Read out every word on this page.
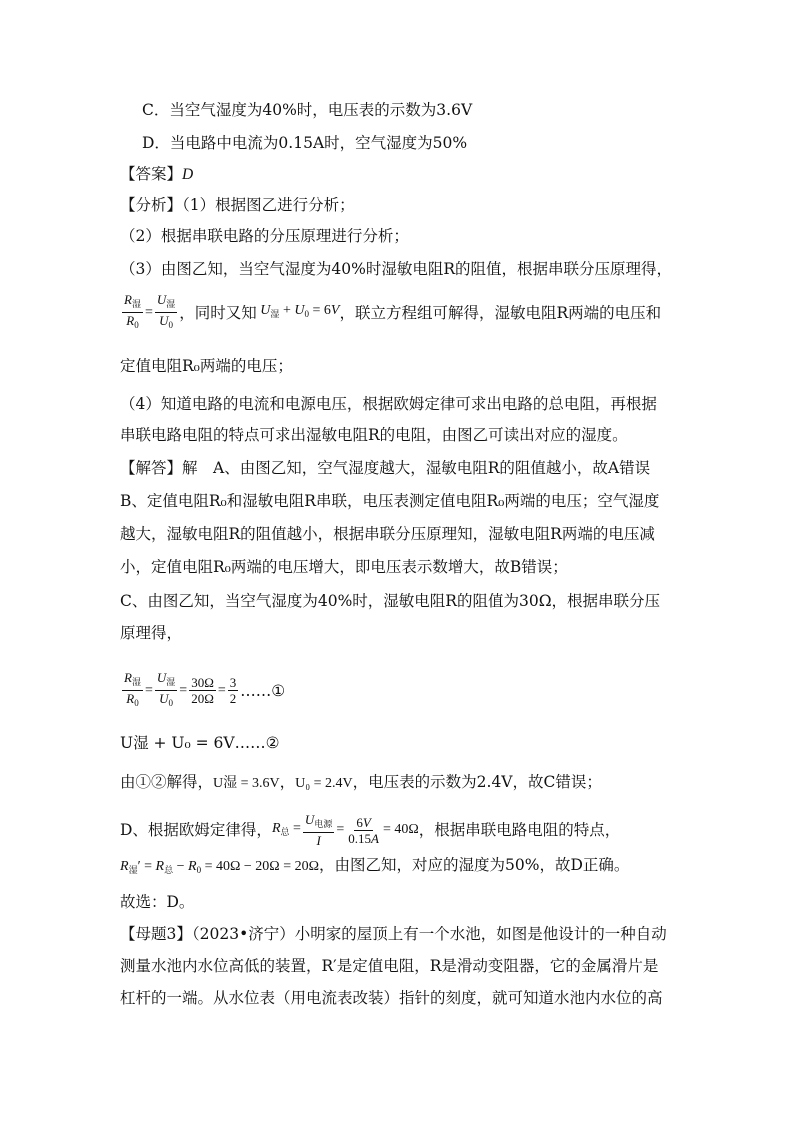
C．当空气湿度为40%时，电压表的示数为3.6V
D．当电路中电流为0.15A时，空气湿度为50%
【答案】D
【分析】（1）根据图乙进行分析；
（2）根据串联电路的分压原理进行分析；
（3）由图乙知，当空气湿度为40%时湿敏电阻R的阻值，根据串联分压原理得，
$\frac{R_湿}{R_0} = \frac{U_湿}{U_0}$ ，同时又知 $U_湿 + U_0 = 6V$ ，联立方程组可解得，湿敏电阻R两端的电压和
定值电阻R₀两端的电压；
（4）知道电路的电流和电源电压，根据欧姆定律可求出电路的总电阻，再根据
串联电路电阻的特点可求出湿敏电阻R的电阻，由图乙可读出对应的湿度。
【解答】解　A、由图乙知，空气湿度越大，湿敏电阻R的阻值越小，故A错误
B、定值电阻R₀和湿敏电阻R串联，电压表测定值电阻R₀两端的电压；空气湿度
越大，湿敏电阻R的阻值越小，根据串联分压原理知，湿敏电阻R两端的电压减
小，定值电阻R₀两端的电压增大，即电压表示数增大，故B错误；
C、由图乙知，当空气湿度为40%时，湿敏电阻R的阻值为30Ω，根据串联分压
原理得，
$\frac{R_湿}{R_0} = \frac{U_湿}{U_0} = \frac{30\Omega}{20\Omega} = \frac{3}{2}$ ……①
U湿 + U₀ = 6V……②
由①②解得，U湿 = 3.6V，U₀ = 2.4V，电压表的示数为2.4V，故C错误；
D、根据欧姆定律得， $R_总 = \frac{U_{电源}}{I} = \frac{6V}{0.15A} = 40\Omega$ ，根据串联电路电阻的特点，
$R_湿' = R_总 - R_0 = 40\Omega - 20\Omega = 20\Omega$，由图乙知，对应的湿度为50%，故D正确。
故选：D。
【母题3】（2023•济宁）小明家的屋顶上有一个水池，如图是他设计的一种自动
测量水池内水位高低的装置，R′是定值电阻，R是滑动变阻器，它的金属滑片是
杠杆的一端。从水位表（用电流表改装）指针的刻度，就可知道水池内水位的高
